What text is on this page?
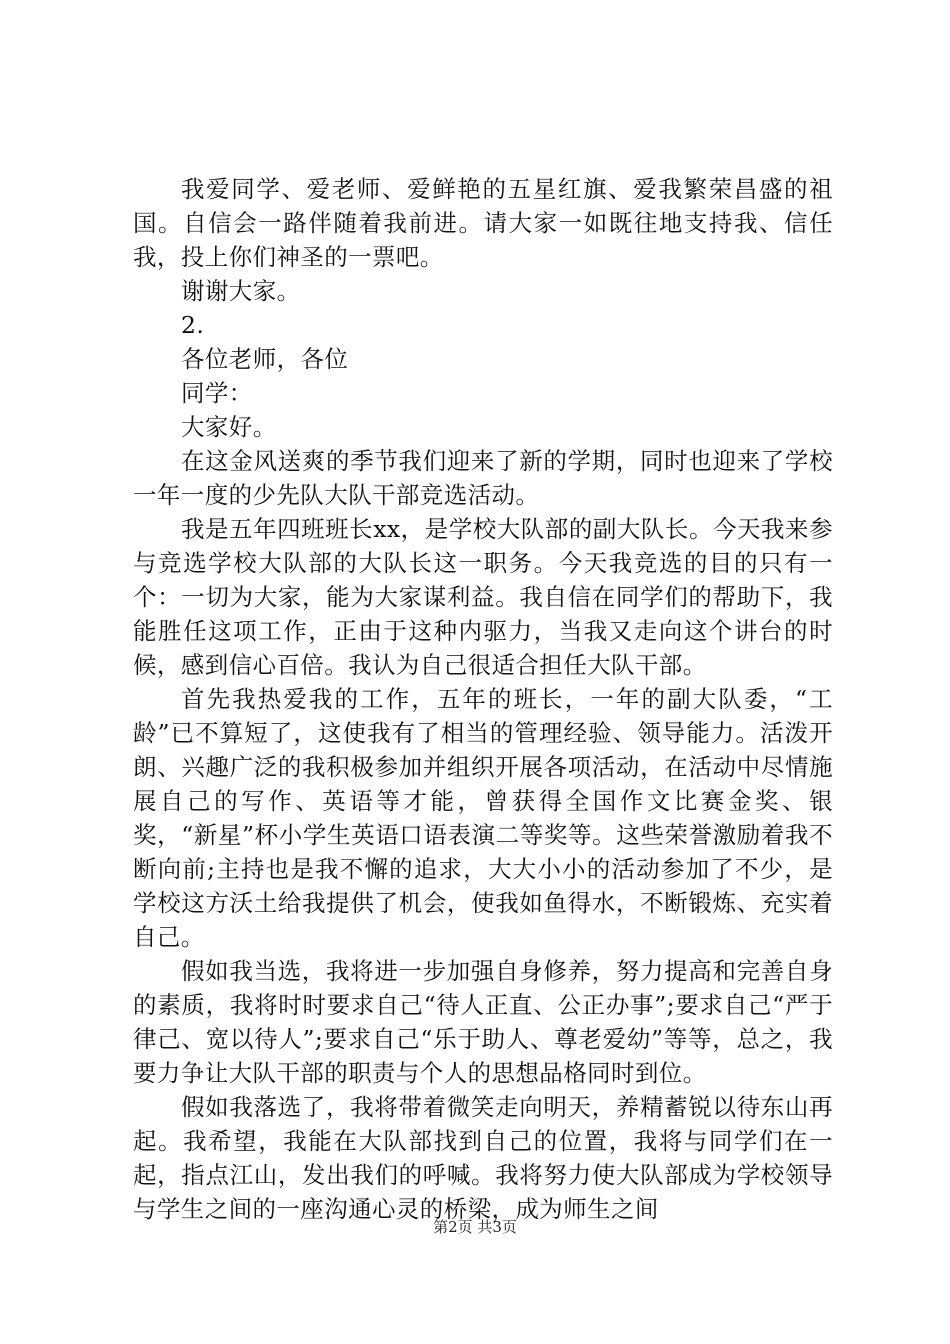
我爱同学、爱老师、爱鲜艳的五星红旗、爱我繁荣昌盛的祖国。自信会一路伴随着我前进。请大家一如既往地支持我、信任我，投上你们神圣的一票吧。

谢谢大家。

2.

各位老师，各位

同学：

大家好。

在这金风送爽的季节我们迎来了新的学期，同时也迎来了学校一年一度的少先队大队干部竞选活动。

我是五年四班班长xx，是学校大队部的副大队长。今天我来参与竞选学校大队部的大队长这一职务。今天我竞选的目的只有一个：一切为大家，能为大家谋利益。我自信在同学们的帮助下，我能胜任这项工作，正由于这种内驱力，当我又走向这个讲台的时候，感到信心百倍。我认为自己很适合担任大队干部。

首先我热爱我的工作，五年的班长，一年的副大队委，“工龄”已不算短了，这使我有了相当的管理经验、领导能力。活泼开朗、兴趣广泛的我积极参加并组织开展各项活动，在活动中尽情施展自己的写作、英语等才能，曾获得全国作文比赛金奖、银奖，“新星”杯小学生英语口语表演二等奖等。这些荣誉激励着我不断向前;主持也是我不懈的追求，大大小小的活动参加了不少，是学校这方沃土给我提供了机会，使我如鱼得水，不断锻炼、充实着自己。

假如我当选，我将进一步加强自身修养，努力提高和完善自身的素质，我将时时要求自己“待人正直、公正办事”;要求自己“严于律己、宽以待人”;要求自己“乐于助人、尊老爱幼”等等，总之，我要力争让大队干部的职责与个人的思想品格同时到位。

假如我落选了，我将带着微笑走向明天，养精蓄锐以待东山再起。我希望，我能在大队部找到自己的位置，我将与同学们在一起，指点江山，发出我们的呼喊。我将努力使大队部成为学校领导与学生之间的一座沟通心灵的桥梁，成为师生之间

第2页 共3页
